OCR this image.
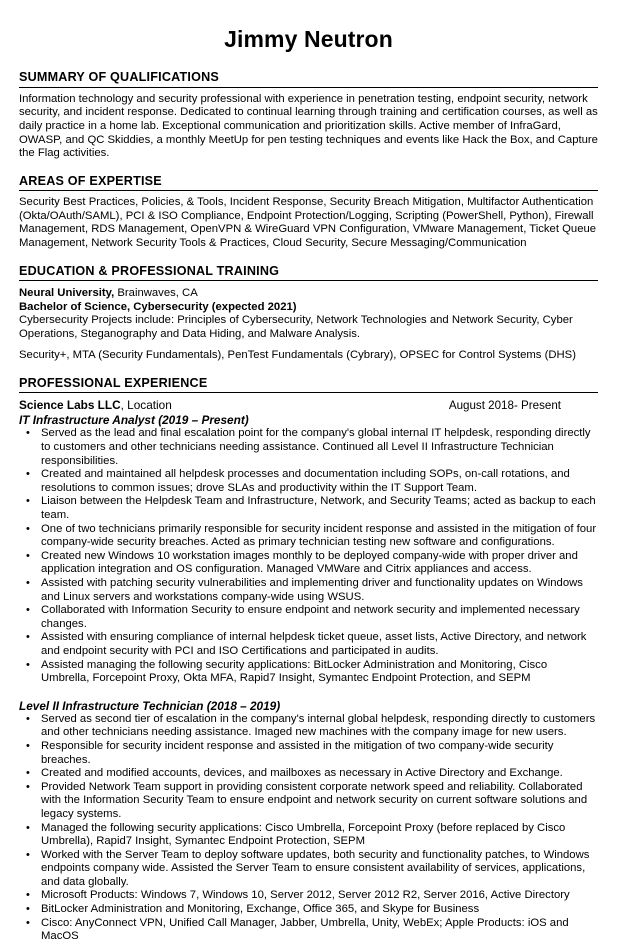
Jimmy Neutron
SUMMARY OF QUALIFICATIONS

Information technology and security professional with experience in penetration testing, endpoint security, network security, and incident response. Dedicated to continual learning through training and certification courses, as well as daily practice in a home lab. Exceptional communication and prioritization skills. Active member of InfraGard, OWASP, and QC Skiddies, a monthly MeetUp for pen testing techniques and events like Hack the Box, and Capture the Flag activities.

AREAS OF EXPERTISE

Security Best Practices, Policies, & Tools, Incident Response, Security Breach Mitigation, Multifactor Authentication (Okta/OAuth/SAML), PCI & ISO Compliance, Endpoint Protection/Logging, Scripting (PowerShell, Python), Firewall Management, RDS Management, OpenVPN & WireGuard VPN Configuration, VMware Management, Ticket Queue Management, Network Security Tools & Practices, Cloud Security, Secure Messaging/Communication

EDUCATION & PROFESSIONAL TRAINING
Neural University, Brainwaves, CA
Bachelor of Science, Cybersecurity (expected 2021)
Cybersecurity Projects include: Principles of Cybersecurity, Network Technologies and Network Security, Cyber Operations, Steganography and Data Hiding, and Malware Analysis.
Security+, MTA (Security Fundamentals), PenTest Fundamentals (Cybrary), OPSEC for Control Systems (DHS)
PROFESSIONAL EXPERIENCE
Science Labs LLC, Location	August 2018- Present
IT Infrastructure Analyst (2019 – Present)
• Served as the lead and final escalation point for the company's global internal IT helpdesk, responding directly to customers and other technicians needing assistance. Continued all Level II Infrastructure Technician responsibilities.
• Created and maintained all helpdesk processes and documentation including SOPs, on-call rotations, and resolutions to common issues; drove SLAs and productivity within the IT Support Team.
• Liaison between the Helpdesk Team and Infrastructure, Network, and Security Teams; acted as backup to each team.
• One of two technicians primarily responsible for security incident response and assisted in the mitigation of four company-wide security breaches. Acted as primary technician testing new software and configurations.
• Created new Windows 10 workstation images monthly to be deployed company-wide with proper driver and application integration and OS configuration. Managed VMWare and Citrix appliances and access.
• Assisted with patching security vulnerabilities and implementing driver and functionality updates on Windows and Linux servers and workstations company-wide using WSUS.
• Collaborated with Information Security to ensure endpoint and network security and implemented necessary changes.
• Assisted with ensuring compliance of internal helpdesk ticket queue, asset lists, Active Directory, and network and endpoint security with PCI and ISO Certifications and participated in audits.
• Assisted managing the following security applications: BitLocker Administration and Monitoring, Cisco Umbrella, Forcepoint Proxy, Okta MFA, Rapid7 Insight, Symantec Endpoint Protection, and SEPM
Level II Infrastructure Technician (2018 – 2019)
• Served as second tier of escalation in the company's internal global helpdesk, responding directly to customers and other technicians needing assistance. Imaged new machines with the company image for new users.
• Responsible for security incident response and assisted in the mitigation of two company-wide security breaches.
• Created and modified accounts, devices, and mailboxes as necessary in Active Directory and Exchange.
• Provided Network Team support in providing consistent corporate network speed and reliability. Collaborated with the Information Security Team to ensure endpoint and network security on current software solutions and legacy systems.
• Managed the following security applications: Cisco Umbrella, Forcepoint Proxy (before replaced by Cisco Umbrella), Rapid7 Insight, Symantec Endpoint Protection, SEPM
• Worked with the Server Team to deploy software updates, both security and functionality patches, to Windows endpoints company wide. Assisted the Server Team to ensure consistent availability of services, applications, and data globally.
• Microsoft Products: Windows 7, Windows 10, Server 2012, Server 2012 R2, Server 2016, Active Directory
• BitLocker Administration and Monitoring, Exchange, Office 365, and Skype for Business
• Cisco: AnyConnect VPN, Unified Call Manager, Jabber, Umbrella, Unity, WebEx; Apple Products: iOS and MacOS
